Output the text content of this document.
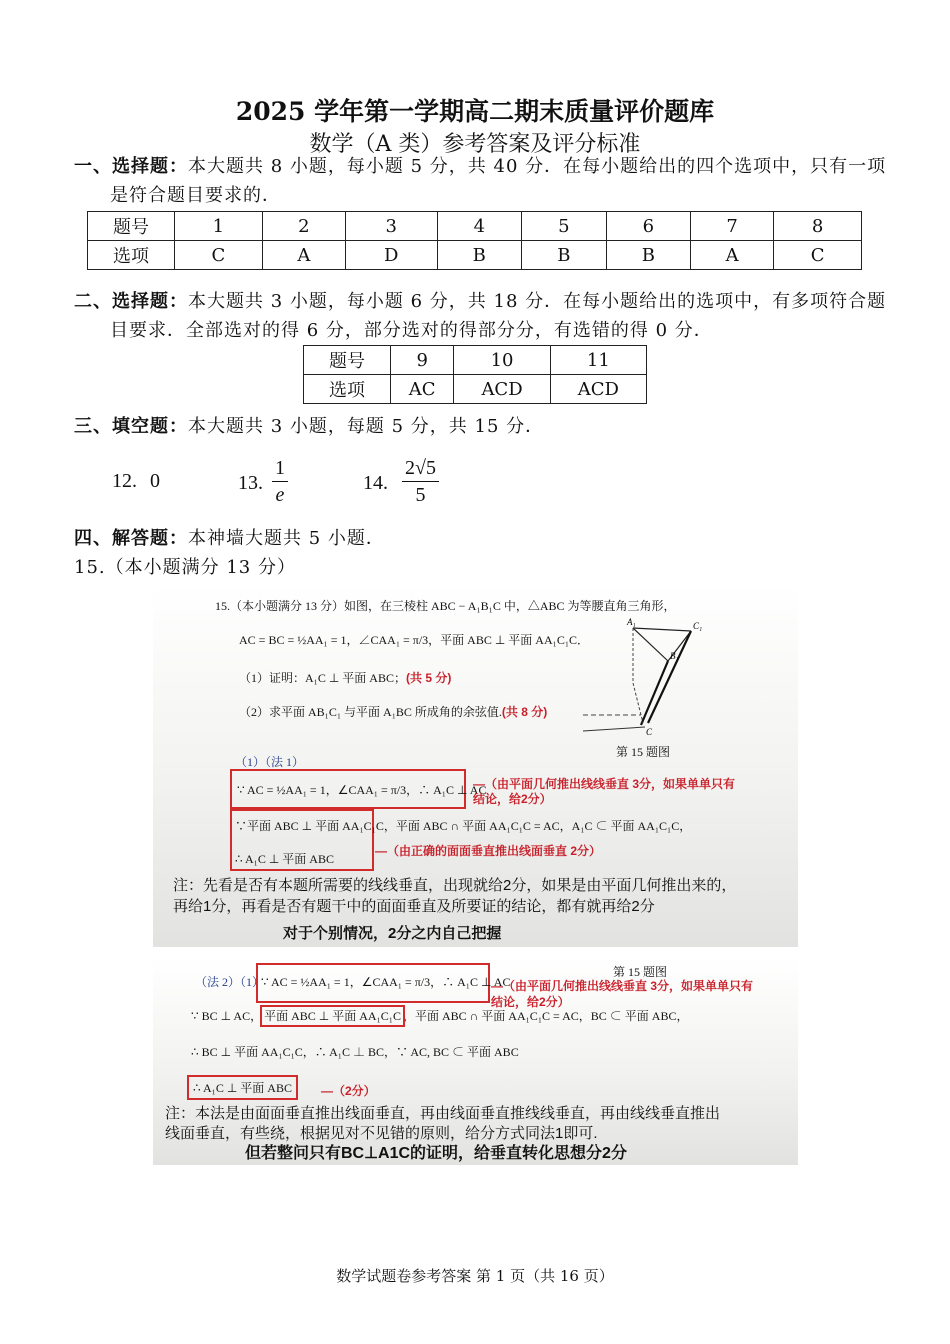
2025 学年第一学期高二期末质量评价题库
数学（A 类）参考答案及评分标准
一、选择题：本大题共 8 小题，每小题 5 分，共 40 分．在每小题给出的四个选项中，只有一项
是符合题目要求的．
题号	1	2	3	4	5	6	7	8
选项	C	A	D	B	B	B	A	C
二、选择题：本大题共 3 小题，每小题 6 分，共 18 分．在每小题给出的选项中，有多项符合题
目要求．全部选对的得 6 分，部分选对的得部分分，有选错的得 0 分．
题号	9	10	11
选项	AC	ACD	ACD
三、填空题：本大题共 3 小题，每题 5 分，共 15 分．
12. 0	13. $\frac{1}{e}$	14. $\frac{2√5}{5}$
四、解答题：本神墙大题共 5 小题．
15.（本小题满分 13 分）
15.（本小题满分 13 分）如图，在三棱柱 ABC − A₁B₁C 中，△ABC 为等腰直角三角形，
AC = BC = ½AA₁ = 1，∠CAA₁ = π/3，平面 ABC ⊥ 平面 AA₁C₁C．
（1）证明：A₁C ⊥ 平面 ABC；(共 5 分)
（2）求平面 AB₁C₁ 与平面 A₁BC 所成角的余弦值.(共 8 分)
A₁	C₁
B₁
C
第 15 题图
（1）（法 1）
∵ AC = ½AA₁ = 1，∠CAA₁ = π/3，∴ A₁C ⊥ AC
—（由平面几何推出线线垂直 3分，如果单单只有
结论，给2分）
∵平面 ABC ⊥ 平面 AA₁C₁C，平面 ABC ∩ 平面 AA₁C₁C = AC，A₁C ⊂ 平面 AA₁C₁C，
∴ A₁C ⊥ 平面 ABC
—（由正确的面面垂直推出线面垂直 2分）
注：先看是否有本题所需要的线线垂直，出现就给2分，如果是由平面几何推出来的，
再给1分，再看是否有题干中的面面垂直及所要证的结论，都有就再给2分
对于个别情况，2分之内自己把握
第 15 题图
（法 2）（1）
∵ AC = ½AA₁ = 1，∠CAA₁ = π/3，∴ A₁C ⊥ AC
—（由平面几何推出线线垂直 3分，如果单单只有
结论，给2分）
∵ BC ⊥ AC， 平面 ABC ⊥ 平面 AA₁C₁C ，平面 ABC ∩ 平面 AA₁C₁C = AC，BC ⊂ 平面 ABC，
∴ BC ⊥ 平面 AA₁C₁C，∴ A₁C ⊥ BC，∵ AC, BC ⊂ 平面 ABC
∴ A₁C ⊥ 平面 ABC	—（2分）
注：本法是由面面垂直推出线面垂直，再由线面垂直推线线垂直，再由线线垂直推出
线面垂直，有些绕，根据见对不见错的原则，给分方式同法1即可.
但若整问只有BC⊥A1C的证明，给垂直转化思想分2分
数学试题卷参考答案 第 1 页（共 16 页）
